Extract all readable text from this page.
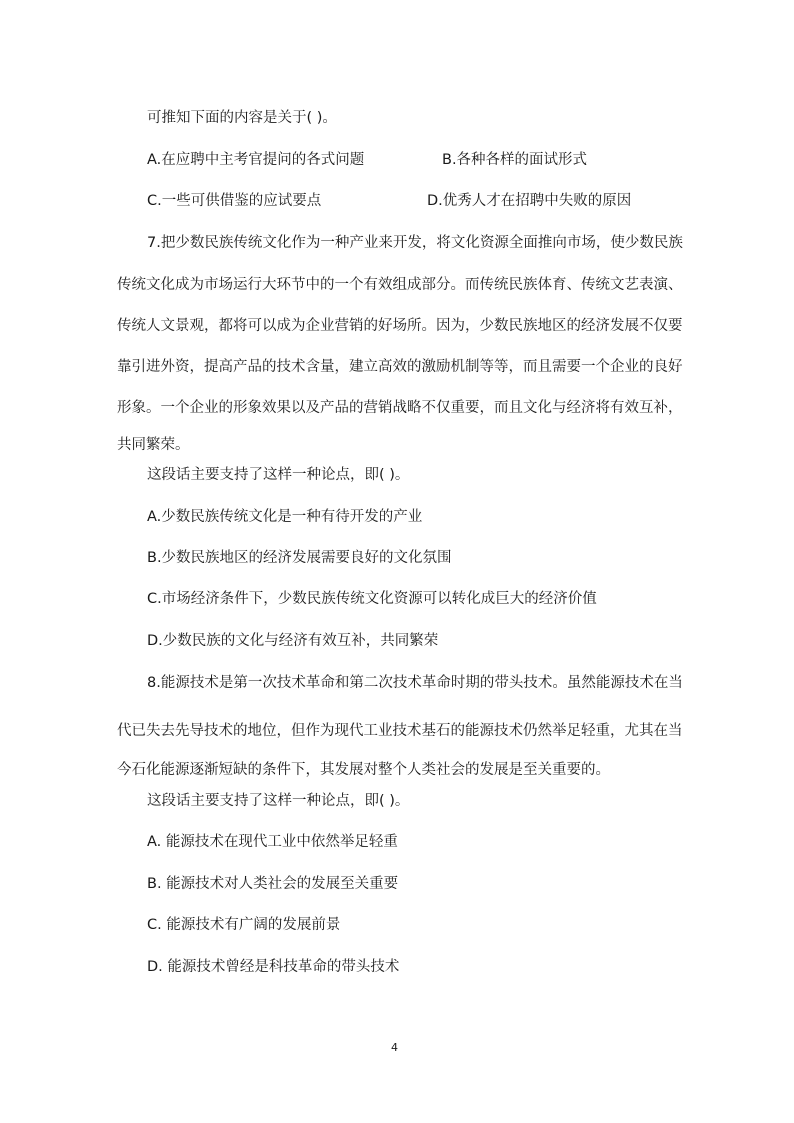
可推知下面的内容是关于( )。
A.在应聘中主考官提问的各式问题	B.各种各样的面试形式
C.一些可供借鉴的应试要点	D.优秀人才在招聘中失败的原因
7.把少数民族传统文化作为一种产业来开发，将文化资源全面推向市场，使少数民族
传统文化成为市场运行大环节中的一个有效组成部分。而传统民族体育、传统文艺表演、
传统人文景观，都将可以成为企业营销的好场所。因为，少数民族地区的经济发展不仅要
靠引进外资，提高产品的技术含量，建立高效的激励机制等等，而且需要一个企业的良好
形象。一个企业的形象效果以及产品的营销战略不仅重要，而且文化与经济将有效互补，
共同繁荣。
这段话主要支持了这样一种论点，即( )。
A.少数民族传统文化是一种有待开发的产业
B.少数民族地区的经济发展需要良好的文化氛围
C.市场经济条件下，少数民族传统文化资源可以转化成巨大的经济价值
D.少数民族的文化与经济有效互补，共同繁荣
8.能源技术是第一次技术革命和第二次技术革命时期的带头技术。虽然能源技术在当
代已失去先导技术的地位，但作为现代工业技术基石的能源技术仍然举足轻重，尤其在当
今石化能源逐渐短缺的条件下，其发展对整个人类社会的发展是至关重要的。
这段话主要支持了这样一种论点，即( )。
A. 能源技术在现代工业中依然举足轻重
B. 能源技术对人类社会的发展至关重要
C. 能源技术有广阔的发展前景
D. 能源技术曾经是科技革命的带头技术
4
